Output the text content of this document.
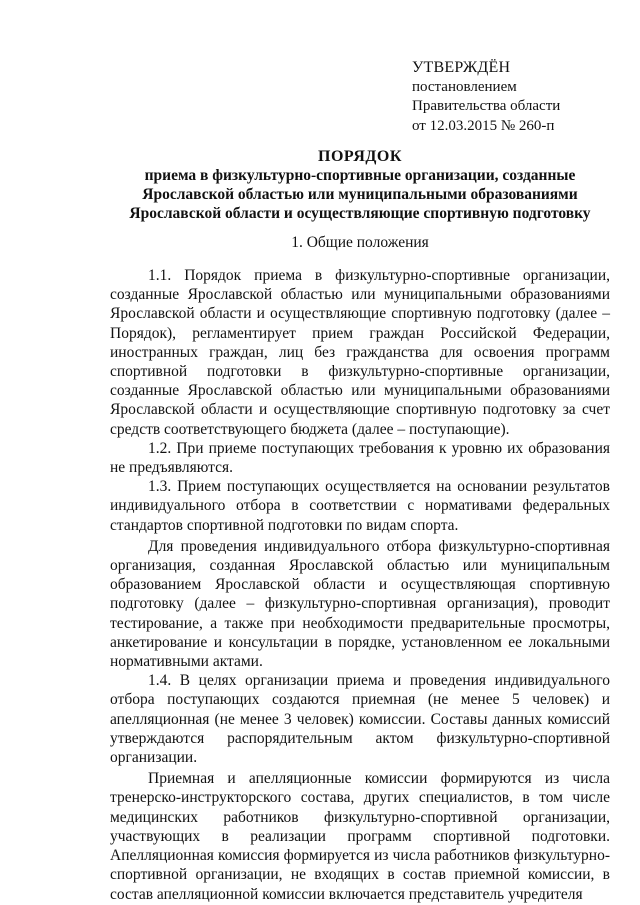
УТВЕРЖДЁН
постановлением
Правительства области
от 12.03.2015 № 260-п
ПОРЯДОК
приема в физкультурно-спортивные организации, созданные
Ярославской областью или муниципальными образованиями
Ярославской области и осуществляющие спортивную подготовку
1. Общие положения

1.1. Порядок приема в физкультурно-спортивные организации, созданные Ярославской областью или муниципальными образованиями Ярославской области и осуществляющие спортивную подготовку (далее – Порядок), регламентирует прием граждан Российской Федерации, иностранных граждан, лиц без гражданства для освоения программ спортивной подготовки в физкультурно-спортивные организации, созданные Ярославской областью или муниципальными образованиями Ярославской области и осуществляющие спортивную подготовку за счет средств соответствующего бюджета (далее – поступающие).

1.2. При приеме поступающих требования к уровню их образования не предъявляются.

1.3. Прием поступающих осуществляется на основании результатов индивидуального отбора в соответствии с нормативами федеральных стандартов спортивной подготовки по видам спорта.

Для проведения индивидуального отбора физкультурно-спортивная организация, созданная Ярославской областью или муниципальным образованием Ярославской области и осуществляющая спортивную подготовку (далее – физкультурно-спортивная организация), проводит тестирование, а также при необходимости предварительные просмотры, анкетирование и консультации в порядке, установленном ее локальными нормативными актами.

1.4. В целях организации приема и проведения индивидуального отбора поступающих создаются приемная (не менее 5 человек) и апелляционная (не менее 3 человек) комиссии. Составы данных комиссий утверждаются распорядительным актом физкультурно-спортивной организации.

Приемная и апелляционные комиссии формируются из числа тренерско-инструкторского состава, других специалистов, в том числе медицинских работников физкультурно-спортивной организации, участвующих в реализации программ спортивной подготовки. Апелляционная комиссия формируется из числа работников физкультурно-спортивной организации, не входящих в состав приемной комиссии, в состав апелляционной комиссии включается представитель учредителя
